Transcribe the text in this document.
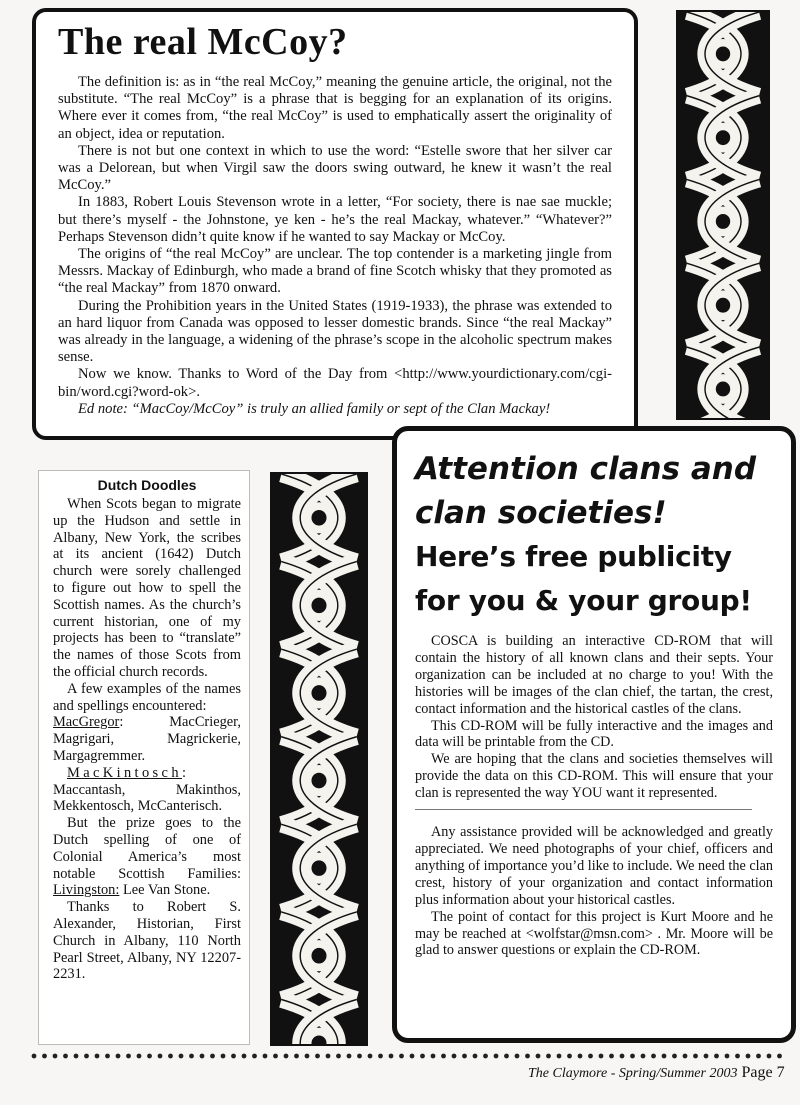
The real McCoy?

The definition is: as in “the real McCoy,” meaning the genuine article, the original, not the substitute. “The real McCoy” is a phrase that is begging for an explanation of its origins. Where ever it comes from, “the real McCoy” is used to emphatically assert the originality of an object, idea or reputation.

There is not but one context in which to use the word: “Estelle swore that her silver car was a Delorean, but when Virgil saw the doors swing outward, he knew it wasn’t the real McCoy.”

In 1883, Robert Louis Stevenson wrote in a letter, “For society, there is nae sae muckle; but there’s myself - the Johnstone, ye ken - he’s the real Mackay, whatever.” “Whatever?” Perhaps Stevenson didn’t quite know if he wanted to say Mackay or McCoy.

The origins of “the real McCoy” are unclear. The top contender is a marketing jingle from Messrs. Mackay of Edinburgh, who made a brand of fine Scotch whisky that they promoted as “the real Mackay” from 1870 onward.

During the Prohibition years in the United States (1919-1933), the phrase was extended to an hard liquor from Canada was opposed to lesser domestic brands. Since “the real Mackay” was already in the language, a widening of the phrase’s scope in the alcoholic spectrum makes sense.

Now we know. Thanks to Word of the Day from <http://www.yourdictionary.com/cgi-bin/word.cgi?word-ok>.

Ed note: “MacCoy/McCoy” is truly an allied family or sept of the Clan Mackay!

Dutch Doodles

When Scots began to migrate up the Hudson and settle in Albany, New York, the scribes at its ancient (1642) Dutch church were sorely challenged to figure out how to spell the Scottish names. As the church’s current historian, one of my projects has been to “translate” the names of those Scots from the official church records.

A few examples of the names and spellings encountered:

MacGregor: MacCrieger, Magrigari, Magrickerie, Margagremmer.

MacKintosch: Maccantash, Makinthos, Mekkentosch, McCanterisch.

But the prize goes to the Dutch spelling of one of Colonial America’s most notable Scottish Families: Livingston: Lee Van Stone.

Thanks to Robert S. Alexander, Historian, First Church in Albany, 110 North Pearl Street, Albany, NY 12207-2231.

Attention clans and
clan societies!
Here’s free publicity
for you & your group!

COSCA is building an interactive CD-ROM that will contain the history of all known clans and their septs. Your organization can be included at no charge to you! With the histories will be images of the clan chief, the tartan, the crest, contact information and the historical castles of the clans.

This CD-ROM will be fully interactive and the images and data will be printable from the CD.

We are hoping that the clans and societies themselves will provide the data on this CD-ROM. This will ensure that your clan is represented the way YOU want it represented.

Any assistance provided will be acknowledged and greatly appreciated. We need photographs of your chief, officers and anything of importance you’d like to include. We need the clan crest, history of your organization and contact information plus information about your historical castles.

The point of contact for this project is Kurt Moore and he may be reached at <wolfstar@msn.com> . Mr. Moore will be glad to answer questions or explain the CD-ROM.

The Claymore - Spring/Summer 2003 Page 7
